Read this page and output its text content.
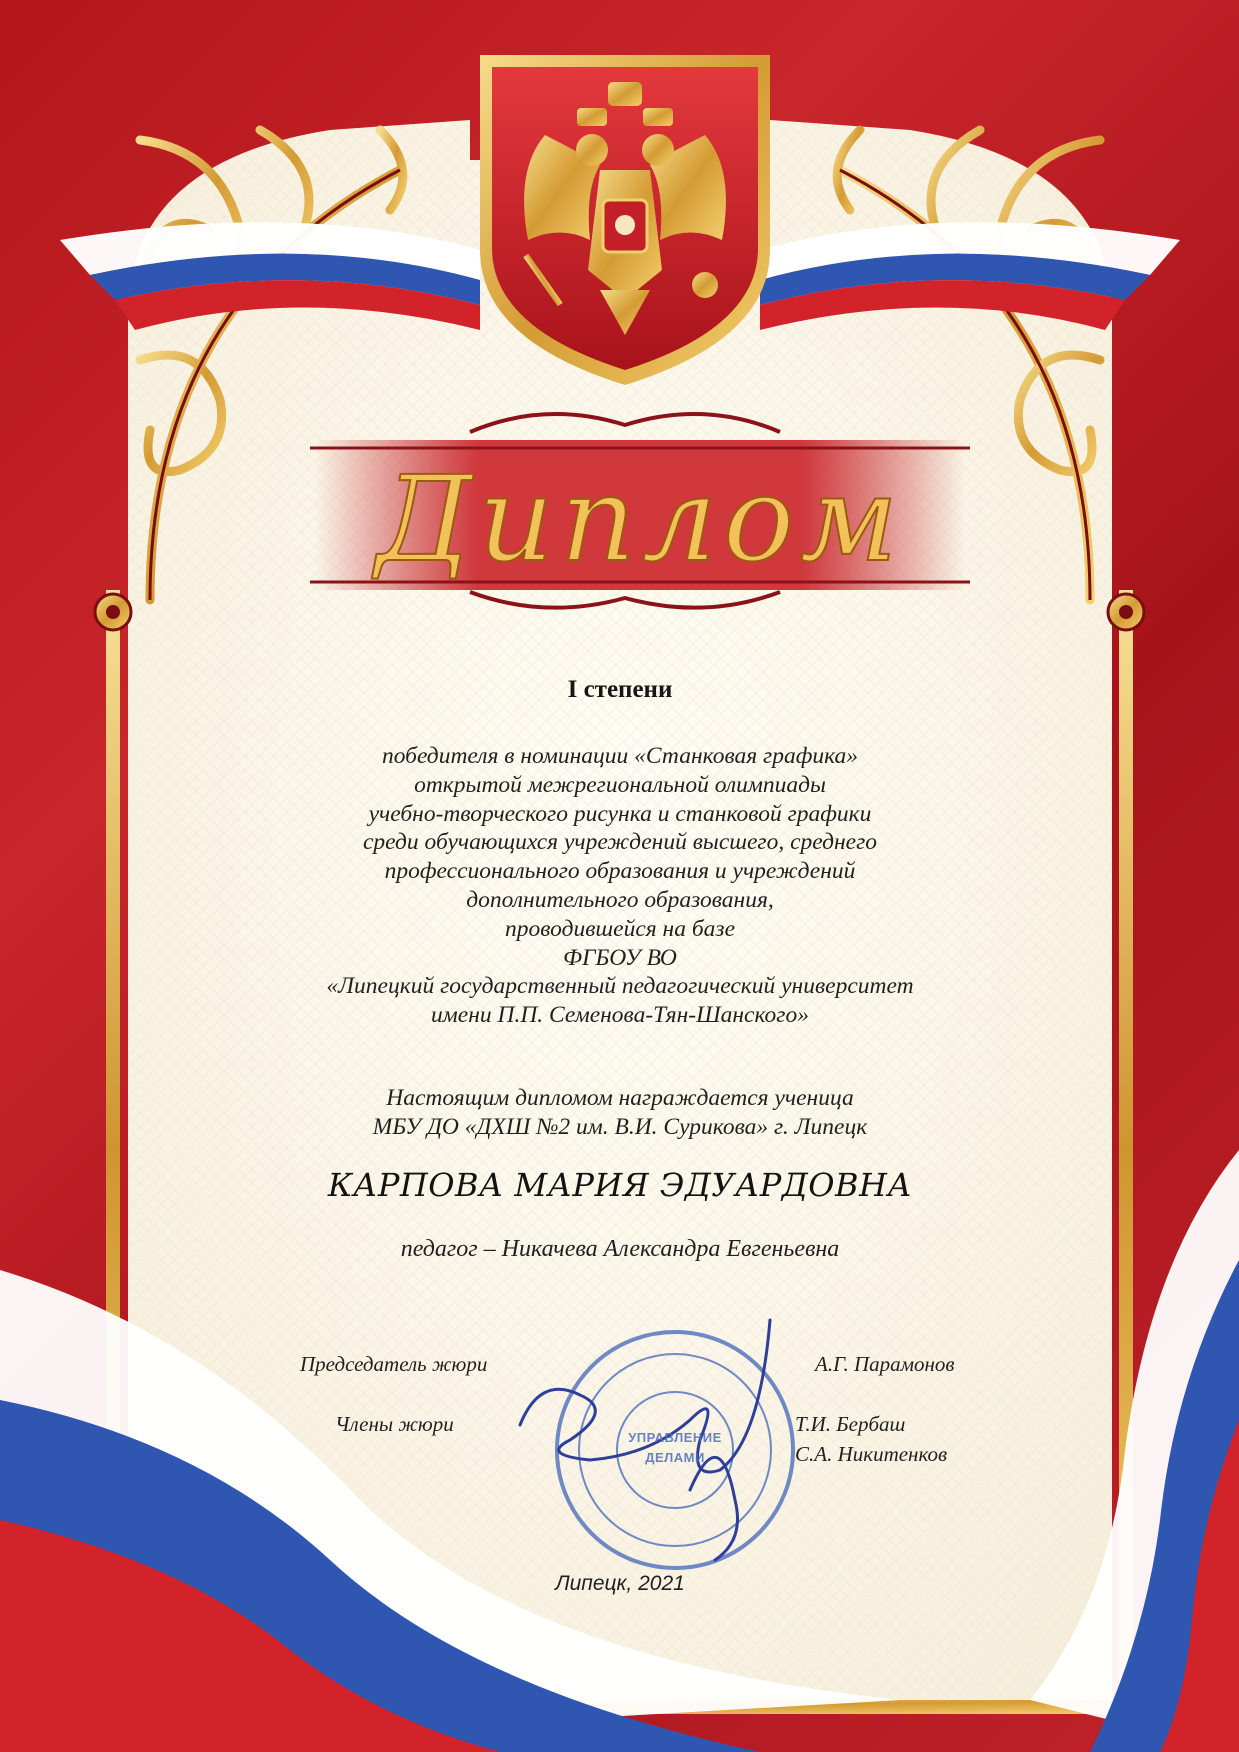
Диплом

I степени

победителя в номинации «Станковая графика»
открытой межрегиональной олимпиады
учебно-творческого рисунка и станковой графики
среди обучающихся учреждений высшего, среднего
профессионального образования и учреждений
дополнительного образования,
проводившейся на базе
ФГБОУ ВО
«Липецкий государственный педагогический университет
имени П.П. Семенова-Тян-Шанского»
Настоящим дипломом награждается ученица
МБУ ДО «ДХШ №2 им. В.И. Сурикова» г. Липецк

КАРПОВА МАРИЯ ЭДУАРДОВНА

педагог – Никачева Александра Евгеньевна

Председатель жюри	А.Г. Парамонов

Члены жюри	Т.И. Бербаш

С.А. Никитенков

УПРАВЛЕНИЕ
ДЕЛАМИ

Липецк, 2021
